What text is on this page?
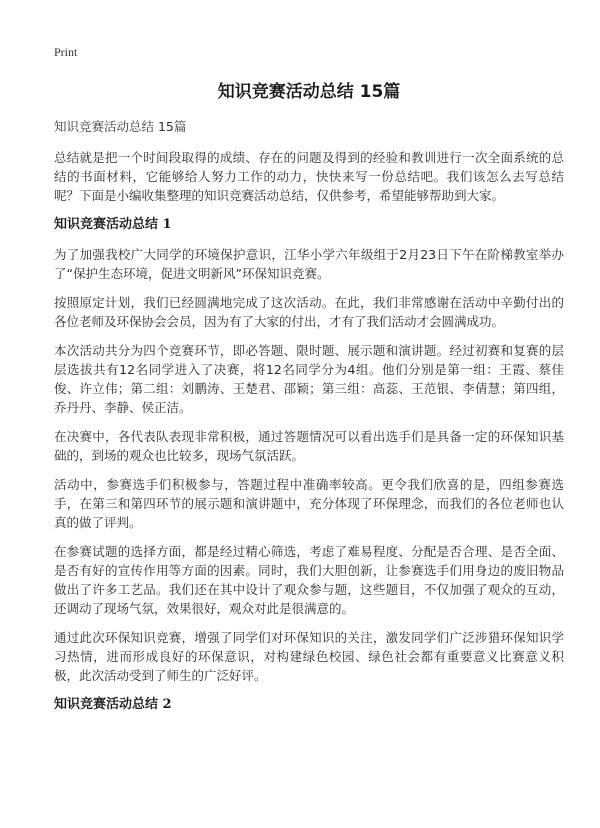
Print
知识竞赛活动总结 15篇

知识竞赛活动总结 15篇

总结就是把一个时间段取得的成绩、存在的问题及得到的经验和教训进行一次全面系统的总结的书面材料，它能够给人努力工作的动力，快快来写一份总结吧。我们该怎么去写总结呢？下面是小编收集整理的知识竞赛活动总结，仅供参考，希望能够帮助到大家。

知识竞赛活动总结 1

为了加强我校广大同学的环境保护意识，江华小学六年级组于2月23日下午在阶梯教室举办了“保护生态环境，促进文明新风”环保知识竞赛。

按照原定计划，我们已经圆满地完成了这次活动。在此，我们非常感谢在活动中辛勤付出的各位老师及环保协会会员，因为有了大家的付出，才有了我们活动才会圆满成功。

本次活动共分为四个竞赛环节，即必答题、限时题、展示题和演讲题。经过初赛和复赛的层层选拔共有12名同学进入了决赛，将12名同学分为4组。他们分别是第一组：王霞、蔡佳俊、许立伟；第二组：刘鹏涛、王楚君、邵颖；第三组：高蕊、王范银、李倩慧；第四组，乔丹丹、李静、侯正洁。

在决赛中，各代表队表现非常积极，通过答题情况可以看出选手们是具备一定的环保知识基础的，到场的观众也比较多，现场气氛活跃。

活动中，参赛选手们积极参与，答题过程中准确率较高。更令我们欣喜的是，四组参赛选手，在第三和第四环节的展示题和演讲题中，充分体现了环保理念，而我们的各位老师也认真的做了评判。

在参赛试题的选择方面，都是经过精心筛选，考虑了难易程度、分配是否合理、是否全面、是否有好的宣传作用等方面的因素。同时，我们大胆创新，让参赛选手们用身边的废旧物品做出了许多工艺品。我们还在其中设计了观众参与题，这些题目，不仅加强了观众的互动，还调动了现场气氛，效果很好，观众对此是很满意的。

通过此次环保知识竞赛，增强了同学们对环保知识的关注，激发同学们广泛涉猎环保知识学习热情，进而形成良好的环保意识，对构建绿色校园、绿色社会都有重要意义比赛意义积极，此次活动受到了师生的广泛好评。

知识竞赛活动总结 2
